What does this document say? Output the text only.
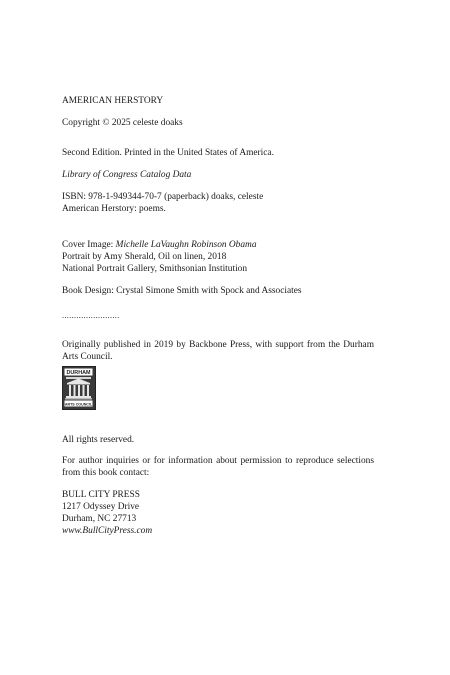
AMERICAN HERSTORY

Copyright © 2025 celeste doaks

Second Edition. Printed in the United States of America.

Library of Congress Catalog Data

ISBN: 978-1-949344-70-7 (paperback) doaks, celeste

American Herstory: poems.

Cover Image: Michelle LaVaughn Robinson Obama

Portrait by Amy Sherald, Oil on linen, 2018

National Portrait Gallery, Smithsonian Institution

Book Design: Crystal Simone Smith with Spock and Associates

........................

Originally published in 2019 by Backbone Press, with support from the Durham Arts Council.

DURHAM
ARTS COUNCIL

All rights reserved.

For author inquiries or for information about permission to reproduce selections from this book contact:

BULL CITY PRESS

1217 Odyssey Drive

Durham, NC 27713

www.BullCityPress.com
